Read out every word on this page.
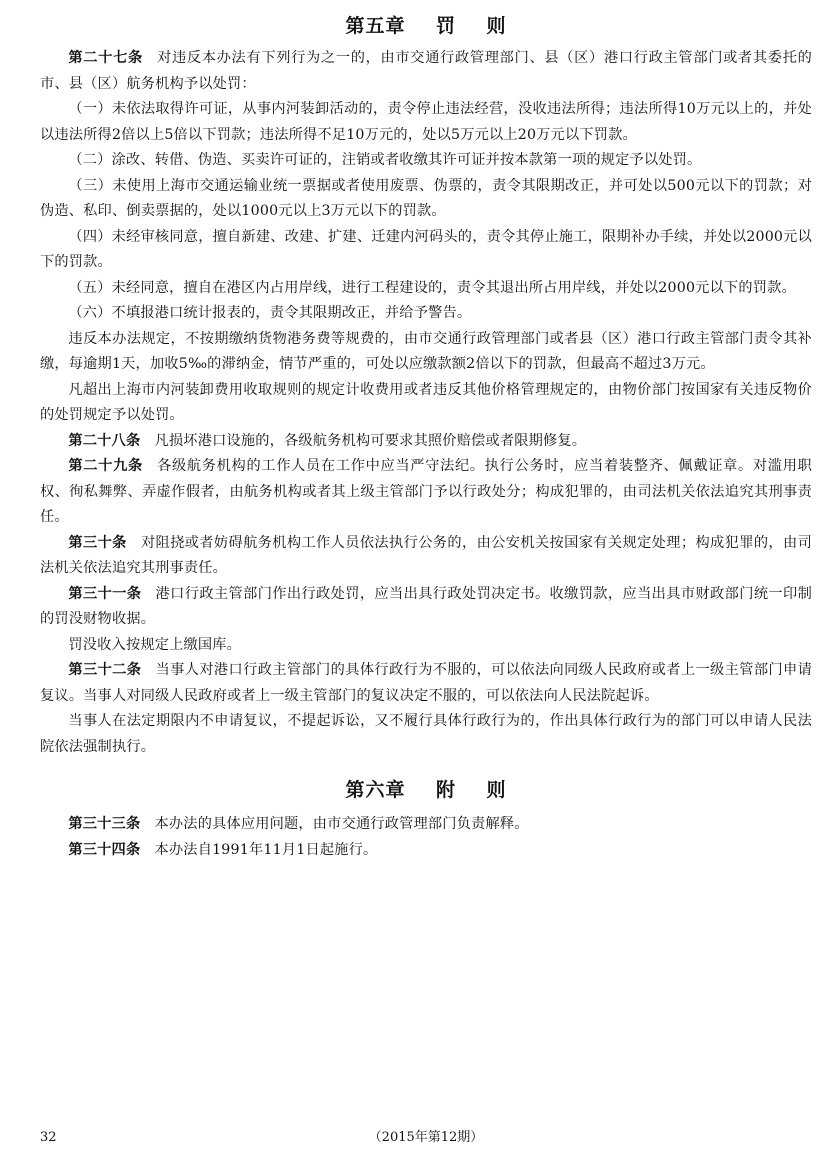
第五章    罚    则

第二十七条 对违反本办法有下列行为之一的，由市交通行政管理部门、县（区）港口行政主管部门或者其委托的市、县（区）航务机构予以处罚：

（一）未依法取得许可证，从事内河装卸活动的，责令停止违法经营，没收违法所得；违法所得10万元以上的，并处以违法所得2倍以上5倍以下罚款；违法所得不足10万元的，处以5万元以上20万元以下罚款。

（二）涂改、转借、伪造、买卖许可证的，注销或者收缴其许可证并按本款第一项的规定予以处罚。

（三）未使用上海市交通运输业统一票据或者使用废票、伪票的，责令其限期改正，并可处以500元以下的罚款；对伪造、私印、倒卖票据的，处以1000元以上3万元以下的罚款。

（四）未经审核同意，擅自新建、改建、扩建、迁建内河码头的，责令其停止施工，限期补办手续，并处以2000元以下的罚款。

（五）未经同意，擅自在港区内占用岸线，进行工程建设的，责令其退出所占用岸线，并处以2000元以下的罚款。

（六）不填报港口统计报表的，责令其限期改正，并给予警告。

违反本办法规定，不按期缴纳货物港务费等规费的，由市交通行政管理部门或者县（区）港口行政主管部门责令其补缴，每逾期1天，加收5‰的滞纳金，情节严重的，可处以应缴款额2倍以下的罚款，但最高不超过3万元。

凡超出上海市内河装卸费用收取规则的规定计收费用或者违反其他价格管理规定的，由物价部门按国家有关违反物价的处罚规定予以处罚。

第二十八条 凡损坏港口设施的，各级航务机构可要求其照价赔偿或者限期修复。

第二十九条 各级航务机构的工作人员在工作中应当严守法纪。执行公务时，应当着装整齐、佩戴证章。对滥用职权、徇私舞弊、弄虚作假者，由航务机构或者其上级主管部门予以行政处分；构成犯罪的，由司法机关依法追究其刑事责任。

第三十条 对阻挠或者妨碍航务机构工作人员依法执行公务的，由公安机关按国家有关规定处理；构成犯罪的，由司法机关依法追究其刑事责任。

第三十一条 港口行政主管部门作出行政处罚，应当出具行政处罚决定书。收缴罚款，应当出具市财政部门统一印制的罚没财物收据。

罚没收入按规定上缴国库。

第三十二条 当事人对港口行政主管部门的具体行政行为不服的，可以依法向同级人民政府或者上一级主管部门申请复议。当事人对同级人民政府或者上一级主管部门的复议决定不服的，可以依法向人民法院起诉。

当事人在法定期限内不申请复议，不提起诉讼，又不履行具体行政行为的，作出具体行政行为的部门可以申请人民法院依法强制执行。

第六章    附    则

第三十三条 本办法的具体应用问题，由市交通行政管理部门负责解释。

第三十四条 本办法自1991年11月1日起施行。

32	（2015年第12期）
